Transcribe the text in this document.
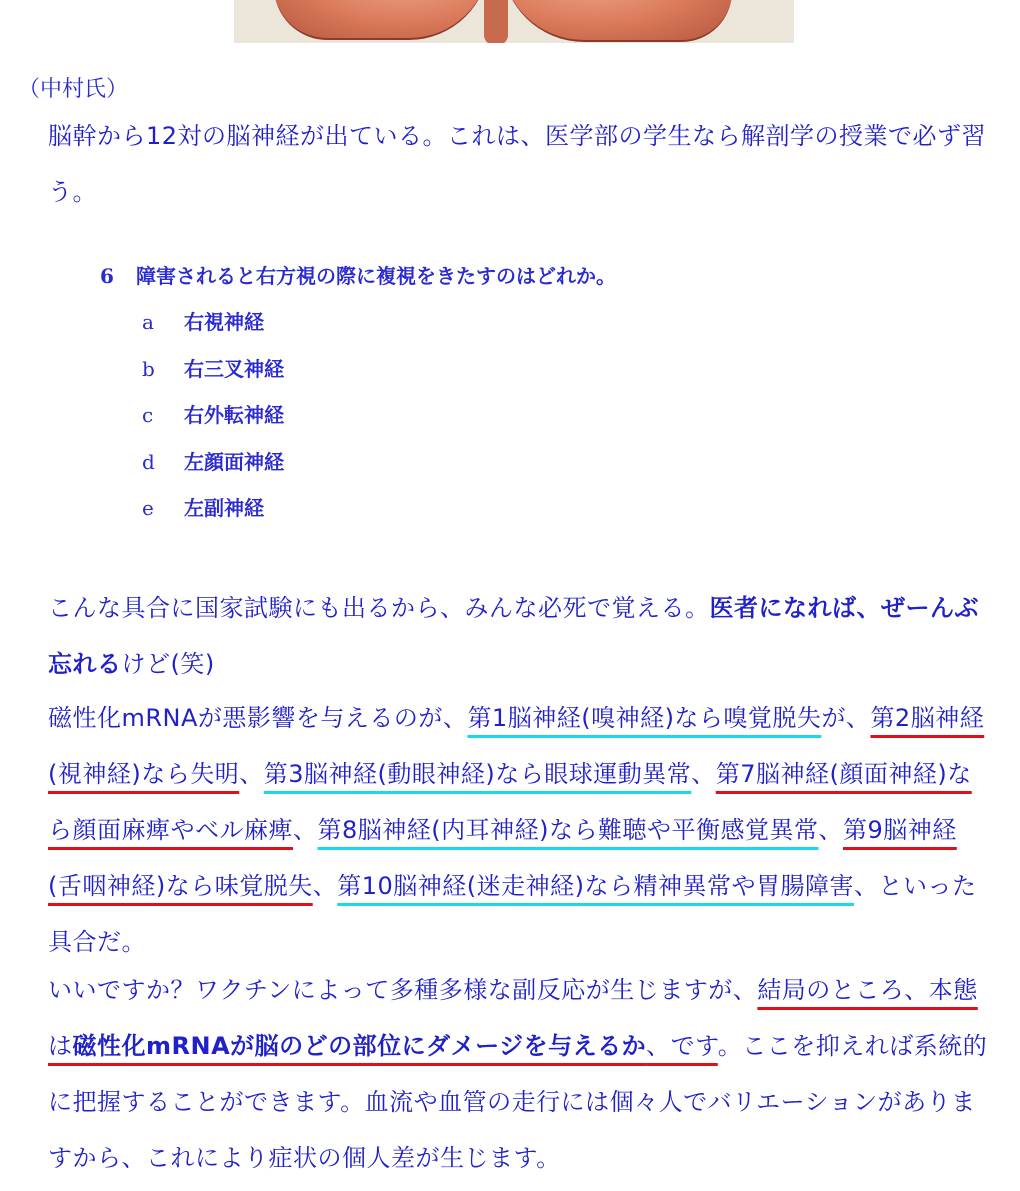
（中村氏）
脳幹から12対の脳神経が出ている。これは、医学部の学生なら解剖学の授業で必ず習う。
6 障害されると右方視の際に複視をきたすのはどれか。
a 右視神経
b 右三叉神経
c 右外転神経
d 左顔面神経
e 左副神経
こんな具合に国家試験にも出るから、みんな必死で覚える。医者になれば、ぜーんぶ忘れるけど(笑)
磁性化mRNAが悪影響を与えるのが、第1脳神経(嗅神経)なら嗅覚脱失が、第2脳神経(視神経)なら失明、第3脳神経(動眼神経)なら眼球運動異常、第7脳神経(顔面神経)なら顔面麻痺やベル麻痺、第8脳神経(内耳神経)なら難聴や平衡感覚異常、第9脳神経(舌咽神経)なら味覚脱失、第10脳神経(迷走神経)なら精神異常や胃腸障害、といった具合だ。
いいですか？ワクチンによって多種多様な副反応が生じますが、結局のところ、本態は磁性化mRNAが脳のどの部位にダメージを与えるか、です。ここを抑えれば系統的に把握することができます。血流や血管の走行には個々人でバリエーションがありますから、これにより症状の個人差が生じます。
